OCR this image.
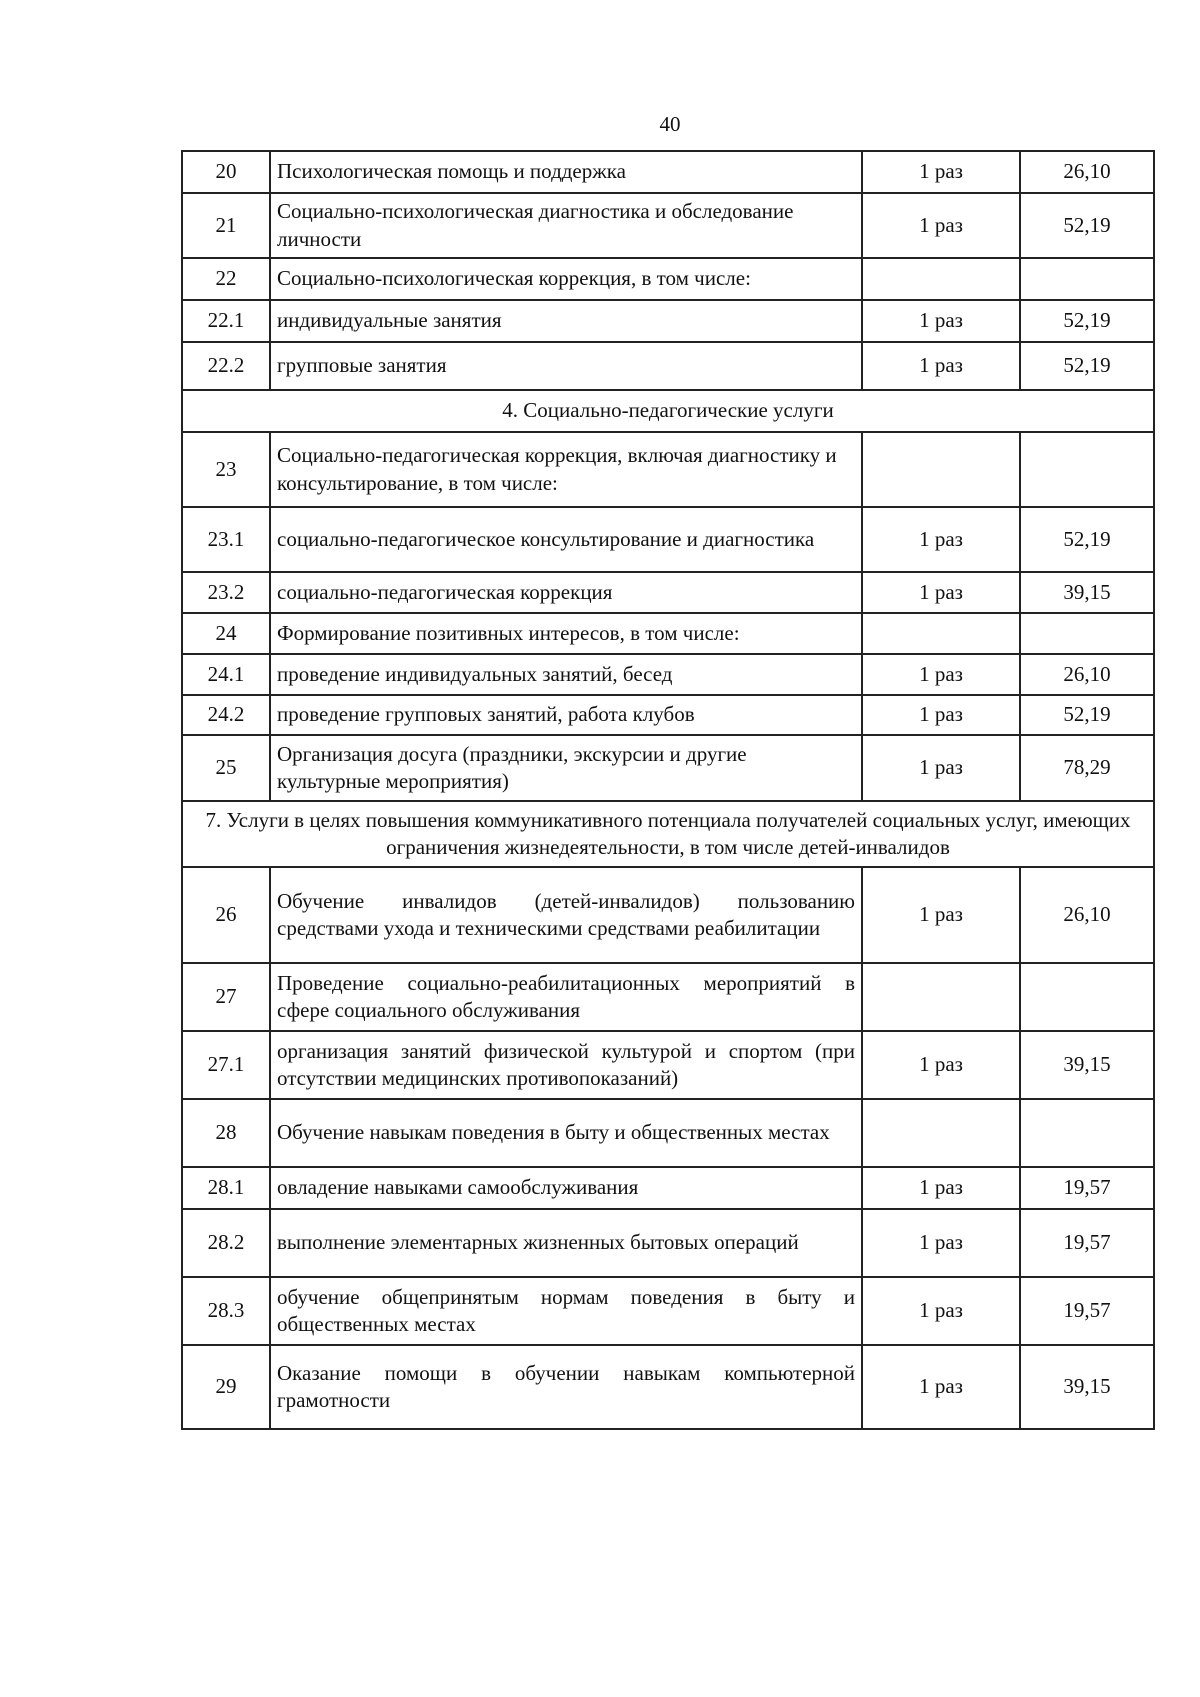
40
20	Психологическая помощь и поддержка	1 раз	26,10
21	Социально-психологическая диагностика и обследование личности	1 раз	52,19
22	Социально-психологическая коррекция, в том числе:		
22.1	индивидуальные занятия	1 раз	52,19
22.2	групповые занятия	1 раз	52,19
4. Социально-педагогические услуги			
23	Социально-педагогическая коррекция, включая диагностику и консультирование, в том числе:		
23.1	социально-педагогическое консультирование и диагностика	1 раз	52,19
23.2	социально-педагогическая коррекция	1 раз	39,15
24	Формирование позитивных интересов, в том числе:		
24.1	проведение индивидуальных занятий, бесед	1 раз	26,10
24.2	проведение групповых занятий, работа клубов	1 раз	52,19
25	Организация досуга (праздники, экскурсии и другие культурные мероприятия)	1 раз	78,29
7. Услуги в целях повышения коммуникативного потенциала получателей социальных услуг, имеющих ограничения жизнедеятельности, в том числе детей-инвалидов			
26	Обучение инвалидов (детей-инвалидов) пользованию средствами ухода и техническими средствами реабилитации	1 раз	26,10
27	Проведение социально-реабилитационных мероприятий в сфере социального обслуживания		
27.1	организация занятий физической культурой и спортом (при отсутствии медицинских противопоказаний)	1 раз	39,15
28	Обучение навыкам поведения в быту и общественных местах		
28.1	овладение навыками самообслуживания	1 раз	19,57
28.2	выполнение элементарных жизненных бытовых операций	1 раз	19,57
28.3	обучение общепринятым нормам поведения в быту и общественных местах	1 раз	19,57
29	Оказание помощи в обучении навыкам компьютерной грамотности	1 раз	39,15
